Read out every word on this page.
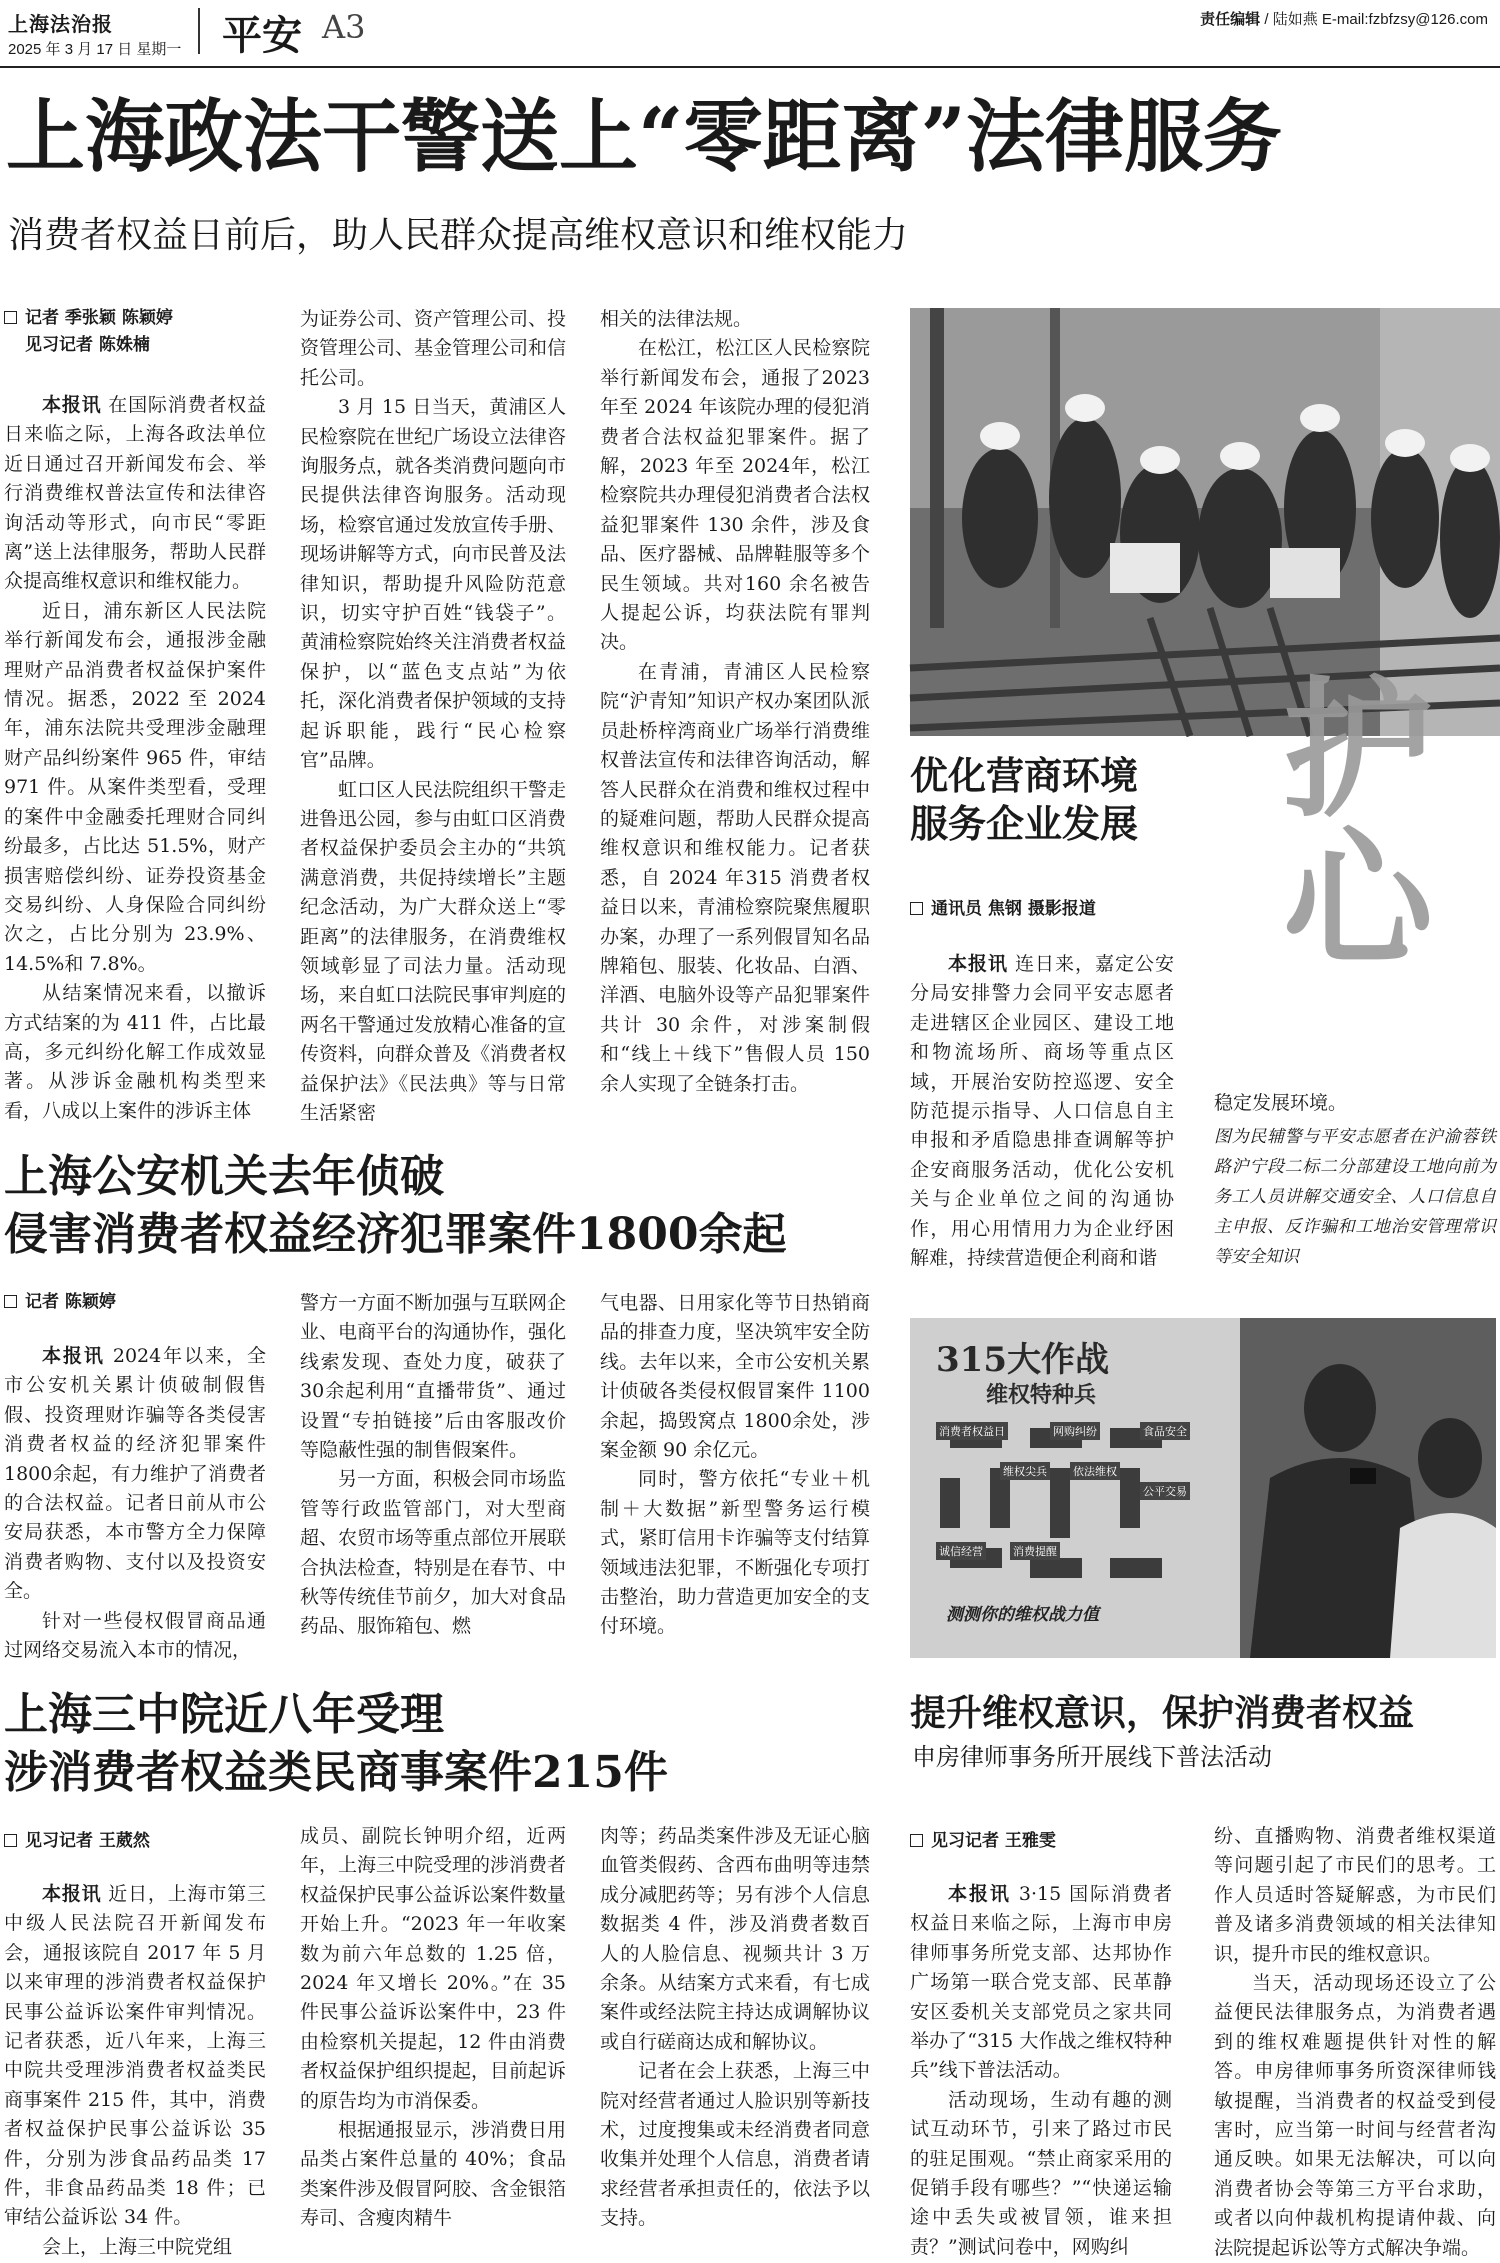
上海法治报
2025 年 3 月 17 日 星期一 平安 A3	责任编辑 / 陆如燕 E-mail:fzbfzsy@126.com
上海政法干警送上“零距离”法律服务
消费者权益日前后，助人民群众提高维权意识和维权能力
记者 季张颖 陈颖婷
见习记者 陈姝楠

本报讯 在国际消费者权益日来临之际，上海各政法单位近日通过召开新闻发布会、举行消费维权普法宣传和法律咨询活动等形式，向市民“零距离”送上法律服务，帮助人民群众提高维权意识和维权能力。

近日，浦东新区人民法院举行新闻发布会，通报涉金融理财产品消费者权益保护案件情况。据悉，2022 至 2024年，浦东法院共受理涉金融理财产品纠纷案件 965 件，审结971 件。从案件类型看，受理的案件中金融委托理财合同纠纷最多，占比达 51.5%，财产损害赔偿纠纷、证券投资基金交易纠纷、人身保险合同纠纷次之，占比分别为 23.9%、14.5%和 7.8%。

从结案情况来看，以撤诉方式结案的为 411 件，占比最高，多元纠纷化解工作成效显著。从涉诉金融机构类型来看，八成以上案件的涉诉主体

为证券公司、资产管理公司、投资管理公司、基金管理公司和信托公司。

3 月 15 日当天，黄浦区人民检察院在世纪广场设立法律咨询服务点，就各类消费问题向市民提供法律咨询服务。活动现场，检察官通过发放宣传手册、现场讲解等方式，向市民普及法律知识，帮助提升风险防范意识，切实守护百姓“钱袋子”。黄浦检察院始终关注消费者权益保护，以“蓝色支点站”为依托，深化消费者保护领域的支持起诉职能，践行“民心检察官”品牌。

虹口区人民法院组织干警走进鲁迅公园，参与由虹口区消费者权益保护委员会主办的“共筑满意消费，共促持续增长”主题纪念活动，为广大群众送上“零距离”的法律服务，在消费维权领域彰显了司法力量。活动现场，来自虹口法院民事审判庭的两名干警通过发放精心准备的宣传资料，向群众普及《消费者权益保护法》《民法典》等与日常生活紧密

相关的法律法规。

在松江，松江区人民检察院举行新闻发布会，通报了2023 年至 2024 年该院办理的侵犯消费者合法权益犯罪案件。据了解，2023 年至 2024年，松江检察院共办理侵犯消费者合法权益犯罪案件 130 余件，涉及食品、医疗器械、品牌鞋服等多个民生领域。共对160 余名被告人提起公诉，均获法院有罪判决。

在青浦，青浦区人民检察院“沪青知”知识产权办案团队派员赴桥梓湾商业广场举行消费维权普法宣传和法律咨询活动，解答人民群众在消费和维权过程中的疑难问题，帮助人民群众提高维权意识和维权能力。记者获悉，自 2024 年315 消费者权益日以来，青浦检察院聚焦履职办案，办理了一系列假冒知名品牌箱包、服装、化妆品、白酒、洋酒、电脑外设等产品犯罪案件共计 30 余件，对涉案制假和“线上＋线下”售假人员 150 余人实现了全链条打击。

护心
优化营商环境
服务企业发展
通讯员 焦钢 摄影报道

本报讯 连日来，嘉定公安分局安排警力会同平安志愿者走进辖区企业园区、建设工地和物流场所、商场等重点区域，开展治安防控巡逻、安全防范提示指导、人口信息自主申报和矛盾隐患排查调解等护企安商服务活动，优化公安机关与企业单位之间的沟通协作，用心用情用力为企业纾困解难，持续营造便企利商和谐

稳定发展环境。

图为民辅警与平安志愿者在沪渝蓉铁路沪宁段二标二分部建设工地向前为务工人员讲解交通安全、人口信息自主申报、反诈骗和工地治安管理常识等安全知识
上海公安机关去年侦破
侵害消费者权益经济犯罪案件1800余起
记者 陈颖婷

本报讯 2024年以来，全市公安机关累计侦破制假售假、投资理财诈骗等各类侵害消费者权益的经济犯罪案件1800余起，有力维护了消费者的合法权益。记者日前从市公安局获悉，本市警方全力保障消费者购物、支付以及投资安全。

针对一些侵权假冒商品通过网络交易流入本市的情况，

警方一方面不断加强与互联网企业、电商平台的沟通协作，强化线索发现、查处力度，破获了 30余起利用“直播带货”、通过设置“专拍链接”后由客服改价等隐蔽性强的制售假案件。

另一方面，积极会同市场监管等行政监管部门，对大型商超、农贸市场等重点部位开展联合执法检查，特别是在春节、中秋等传统佳节前夕，加大对食品药品、服饰箱包、燃

气电器、日用家化等节日热销商品的排查力度，坚决筑牢安全防线。去年以来，全市公安机关累计侦破各类侵权假冒案件 1100 余起，捣毁窝点 1800余处，涉案金额 90 余亿元。

同时，警方依托“专业＋机制＋大数据”新型警务运行模式，紧盯信用卡诈骗等支付结算领域违法犯罪，不断强化专项打击整治，助力营造更加安全的支付环境。

315大作战
维权特种兵
测测你的维权战力值
消费者权益日	网购纠纷	食品安全
诚信经营
维权尖兵 依法维权
公平交易
消费提醒
提升维权意识，保护消费者权益
申房律师事务所开展线下普法活动
见习记者 王雅雯

本报讯 3·15 国际消费者权益日来临之际，上海市申房律师事务所党支部、达邦协作广场第一联合党支部、民革静安区委机关支部党员之家共同举办了“315 大作战之维权特种兵”线下普法活动。

活动现场，生动有趣的测试互动环节，引来了路过市民的驻足围观。“禁止商家采用的促销手段有哪些？”“快递运输途中丢失或被冒领，谁来担责？”测试问卷中，网购纠

纷、直播购物、消费者维权渠道等问题引起了市民们的思考。工作人员适时答疑解惑，为市民们普及诸多消费领域的相关法律知识，提升市民的维权意识。

当天，活动现场还设立了公益便民法律服务点，为消费者遇到的维权难题提供针对性的解答。申房律师事务所资深律师钱敏提醒，当消费者的权益受到侵害时，应当第一时间与经营者沟通反映。如果无法解决，可以向消费者协会等第三方平台求助，或者以向仲裁机构提请仲裁、向法院提起诉讼等方式解决争端。

上海三中院近八年受理
涉消费者权益类民商事案件215件
见习记者 王葳然

本报讯 近日，上海市第三中级人民法院召开新闻发布会，通报该院自 2017 年 5 月以来审理的涉消费者权益保护民事公益诉讼案件审判情况。记者获悉，近八年来，上海三中院共受理涉消费者权益类民商事案件 215 件，其中，消费者权益保护民事公益诉讼 35件，分别为涉食品药品类 17件，非食品药品类 18 件；已审结公益诉讼 34 件。

会上，上海三中院党组

成员、副院长钟明介绍，近两年，上海三中院受理的涉消费者权益保护民事公益诉讼案件数量开始上升。“2023 年一年收案数为前六年总数的 1.25 倍，2024 年又增长 20%。”在 35 件民事公益诉讼案件中，23 件由检察机关提起，12 件由消费者权益保护组织提起，目前起诉的原告均为市消保委。

根据通报显示，涉消费日用品类占案件总量的 40%；食品类案件涉及假冒阿胶、含金银箔寿司、含瘦肉精牛

肉等；药品类案件涉及无证心脑血管类假药、含西布曲明等违禁成分减肥药等；另有涉个人信息数据类 4 件，涉及消费者数百人的人脸信息、视频共计 3 万余条。从结案方式来看，有七成案件或经法院主持达成调解协议或自行磋商达成和解协议。

记者在会上获悉，上海三中院对经营者通过人脸识别等新技术，过度搜集或未经消费者同意收集并处理个人信息，消费者请求经营者承担责任的，依法予以支持。
